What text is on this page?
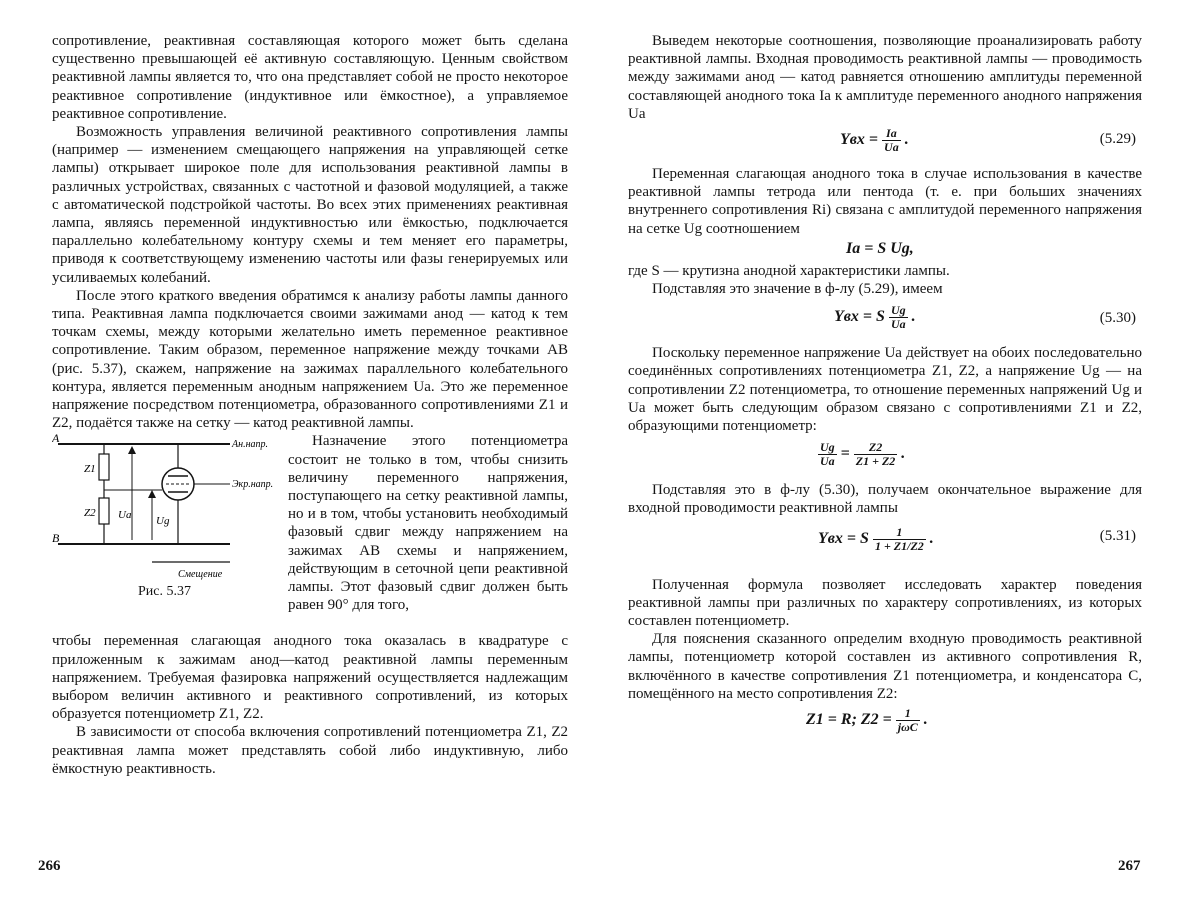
сопротивление, реактивная составляющая которого может быть сделана существенно превышающей её активную составляющую. Ценным свойством реактивной лампы является то, что она представляет собой не просто некоторое реактивное сопротивление (индуктивное или ёмкостное), а управляемое реактивное сопротивление.

Возможность управления величиной реактивного сопротивления лампы (например — изменением смещающего напряжения на управляющей сетке лампы) открывает широкое поле для использования реактивной лампы в различных устройствах, связанных с частотной и фазовой модуляцией, а также с автоматической подстройкой частоты. Во всех этих применениях реактивная лампа, являясь переменной индуктивностью или ёмкостью, подключается параллельно колебательному контуру схемы и тем меняет его параметры, приводя к соответствующему изменению частоты или фазы генерируемых или усиливаемых колебаний.

После этого краткого введения обратимся к анализу работы лампы данного типа. Реактивная лампа подключается своими зажимами анод — катод к тем точкам схемы, между которыми желательно иметь переменное реактивное сопротивление. Таким образом, переменное напряжение между точками AB (рис. 5.37), скажем, напряжение на зажимах параллельного колебательного контура, является переменным анодным напряжением Ua. Это же переменное напряжение посредством потенциометра, образованного сопротивлениями Z1 и Z2, подаётся также на сетку — катод реактивной лампы.

А
В
Ан.напр.
Экр.напр.
Смещение
Z1
Z2 Ua Ug
Рис. 5.37

Назначение этого потенциометра состоит не только в том, чтобы снизить величину переменного напряжения, поступающего на сетку реактивной лампы, но и в том, чтобы установить необходимый фазовый сдвиг между напряжением на зажимах AB схемы и напряжением, действующим в сеточной цепи реактивной лампы. Этот фазовый сдвиг должен быть равен 90° для того,

чтобы переменная слагающая анодного тока оказалась в квадратуре с приложенным к зажимам анод—катод реактивной лампы переменным напряжением. Требуемая фазировка напряжений осуществляется надлежащим выбором величин активного и реактивного сопротивлений, из которых образуется потенциометр Z1, Z2.

В зависимости от способа включения сопротивлений потенциометра Z1, Z2 реактивная лампа может представлять собой либо индуктивную, либо ёмкостную реактивность.

266

Выведем некоторые соотношения, позволяющие проанализировать работу реактивной лампы. Входная проводимость реактивной лампы — проводимость между зажимами анод — катод равняется отношению амплитуды переменной составляющей анодного тока Ia к амплитуде переменного анодного напряжения Ua

Yвх = $\frac{Ia}{Ua}$ .	(5.29)

Переменная слагающая анодного тока в случае использования в качестве реактивной лампы тетрода или пентода (т. е. при больших значениях внутреннего сопротивления Ri) связана с амплитудой переменного напряжения на сетке Ug соотношением

Ia = S Ug,

где S — крутизна анодной характеристики лампы.

Подставляя это значение в ф-лу (5.29), имеем

Yвх = S $\frac{Ug}{Ua}$ .	(5.30)

Поскольку переменное напряжение Ua действует на обоих последовательно соединённых сопротивлениях потенциометра Z1, Z2, а напряжение Ug — на сопротивлении Z2 потенциометра, то отношение переменных напряжений Ug и Ua может быть следующим образом связано с сопротивлениями Z1 и Z2, образующими потенциометр:

$\frac{Ug}{Ua} = \frac{Z2}{Z1 + Z2}$ .

Подставляя это в ф-лу (5.30), получаем окончательное выражение для входной проводимости реактивной лампы

Yвх = S $\frac{1}{1 + Z1/Z2}$ .	(5.31)

Полученная формула позволяет исследовать характер поведения реактивной лампы при различных по характеру сопротивлениях, из которых составлен потенциометр.

Для пояснения сказанного определим входную проводимость реактивной лампы, потенциометр которой составлен из активного сопротивления R, включённого в качестве сопротивления Z1 потенциометра, и конденсатора C, помещённого на место сопротивления Z2:

Z1 = R; $Z2 = \frac{1}{\text{jωC}}$ .
267
